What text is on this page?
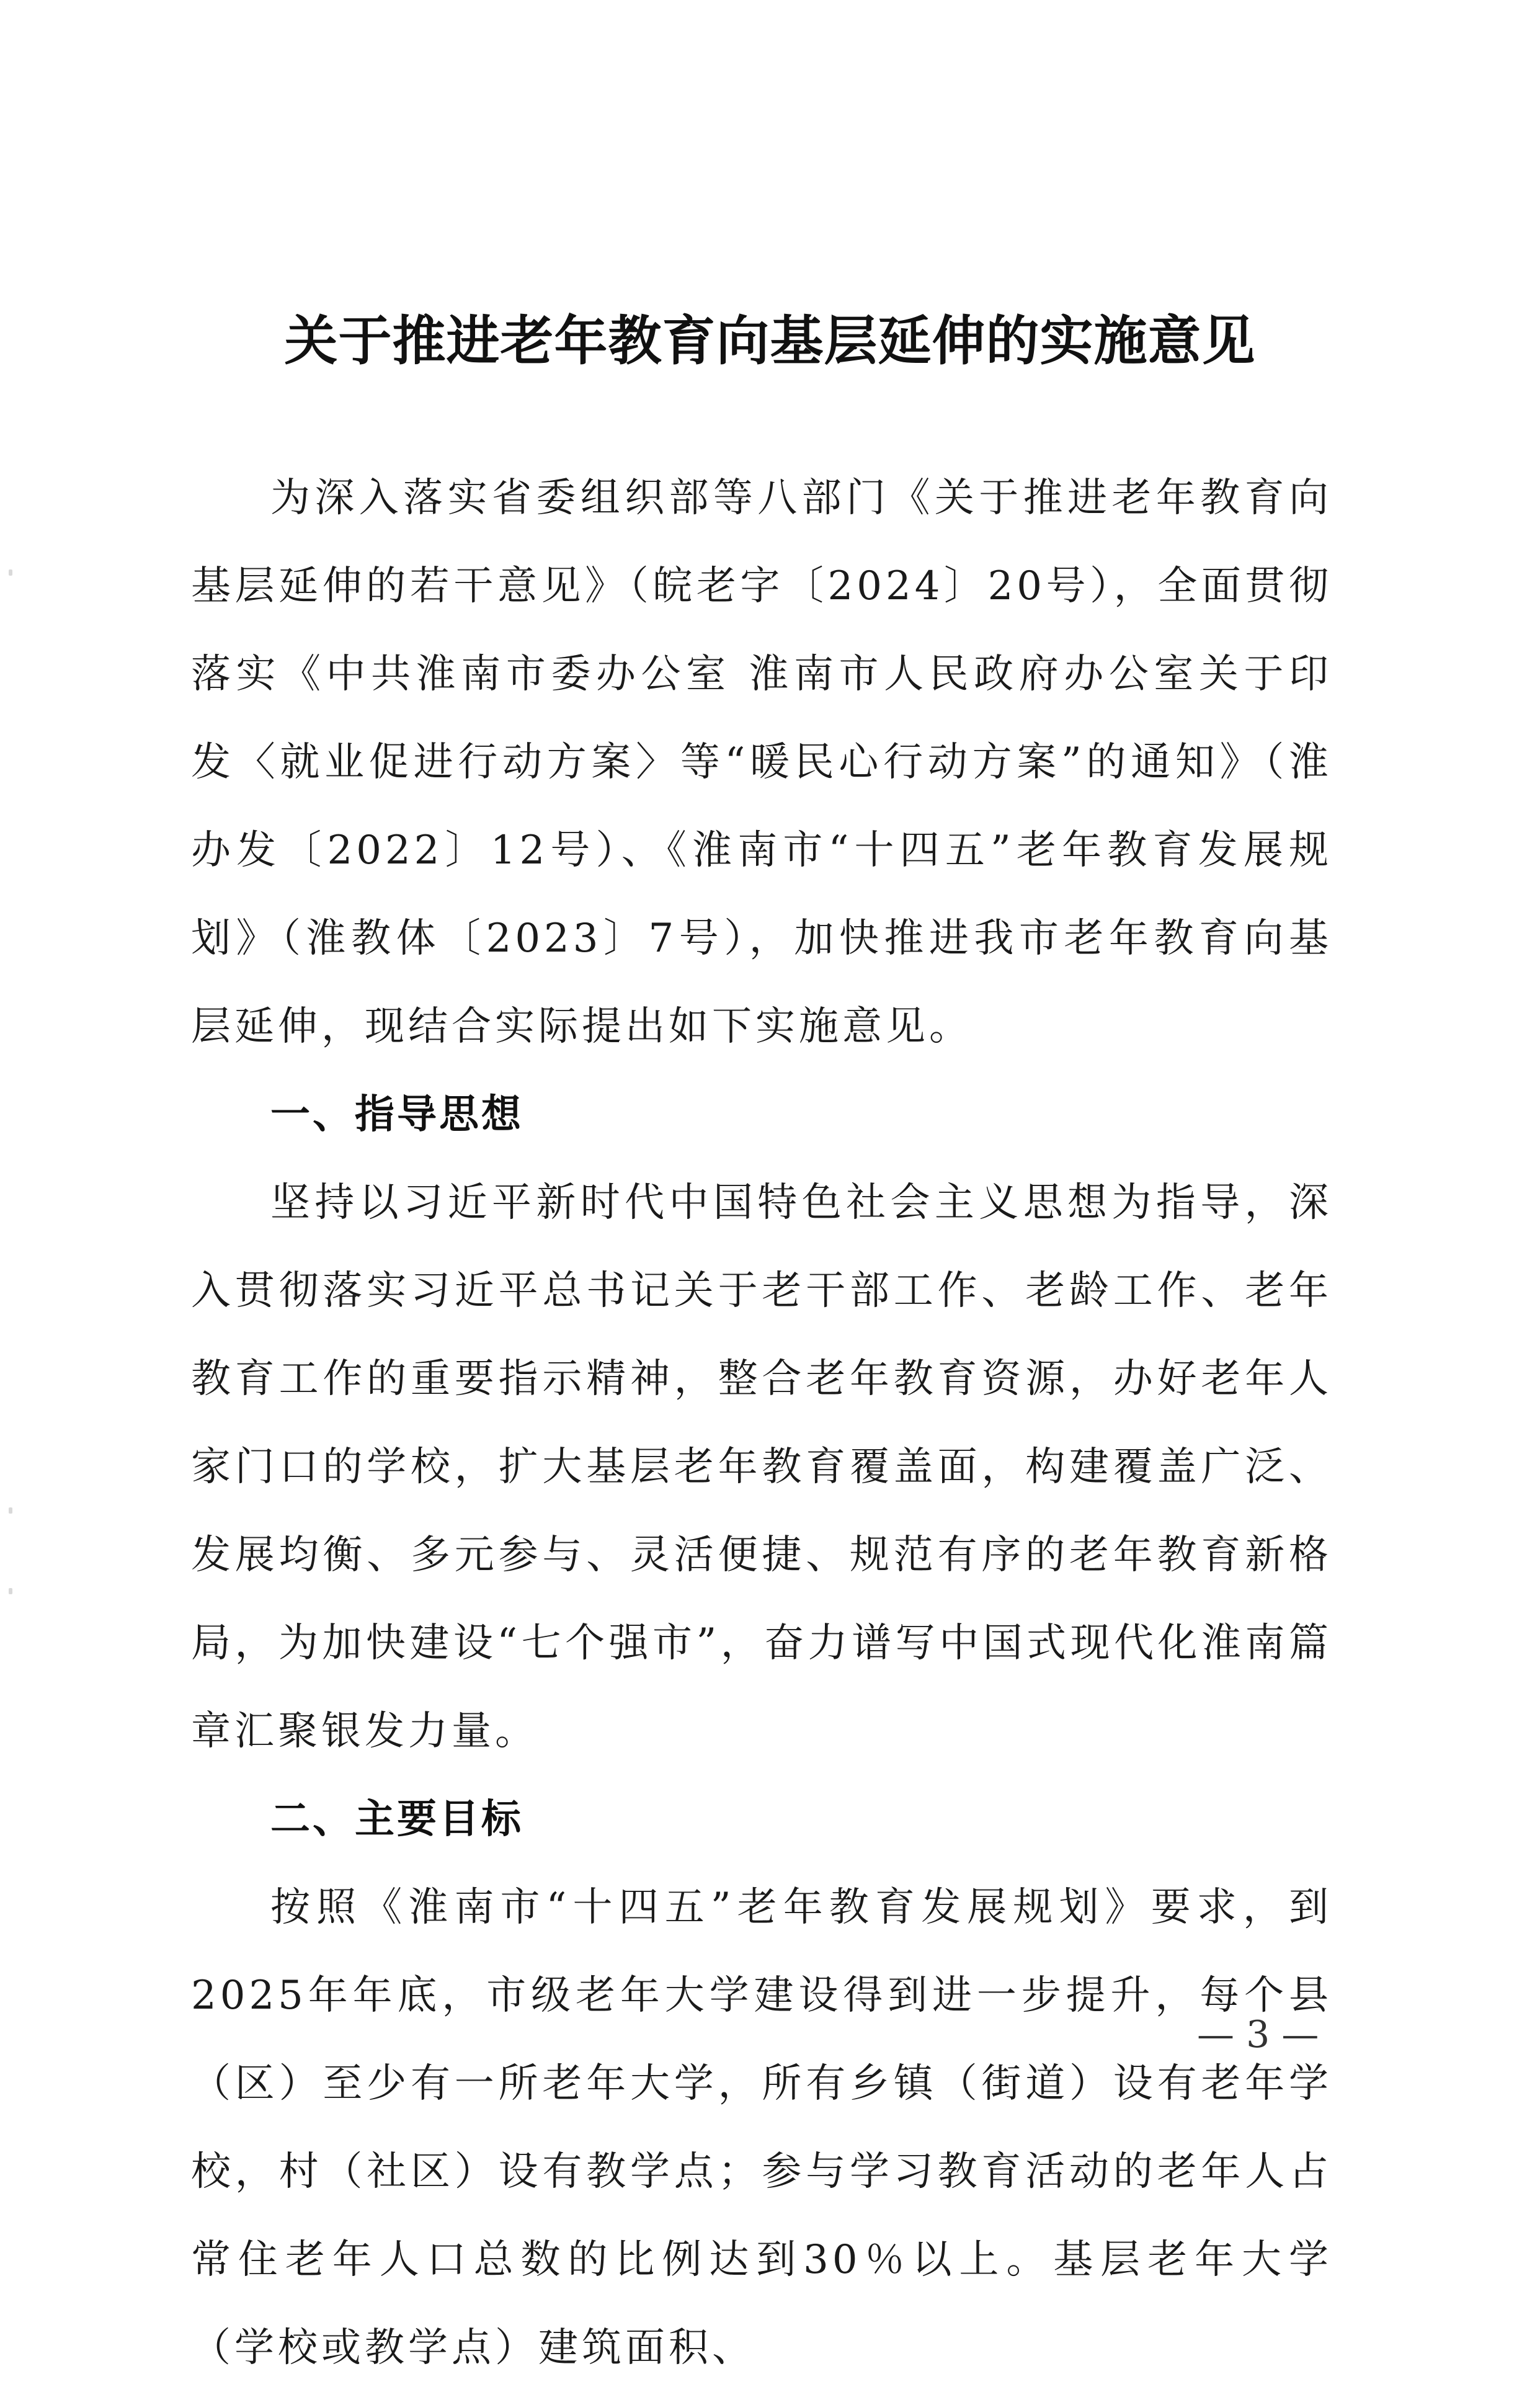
关于推进老年教育向基层延伸的实施意见

为深入落实省委组织部等八部门《关于推进老年教育向基层延伸的若干意见》（皖老字〔2024〕20号），全面贯彻落实《中共淮南市委办公室 淮南市人民政府办公室关于印发〈就业促进行动方案〉等“暖民心行动方案”的通知》（淮办发〔2022〕12号）、《淮南市“十四五”老年教育发展规划》（淮教体〔2023〕7号），加快推进我市老年教育向基层延伸，现结合实际提出如下实施意见。

一、指导思想

坚持以习近平新时代中国特色社会主义思想为指导，深入贯彻落实习近平总书记关于老干部工作、老龄工作、老年教育工作的重要指示精神，整合老年教育资源，办好老年人家门口的学校，扩大基层老年教育覆盖面，构建覆盖广泛、发展均衡、多元参与、灵活便捷、规范有序的老年教育新格局，为加快建设“七个强市”，奋力谱写中国式现代化淮南篇章汇聚银发力量。

二、主要目标

按照《淮南市“十四五”老年教育发展规划》要求，到2025年年底，市级老年大学建设得到进一步提升，每个县（区）至少有一所老年大学，所有乡镇（街道）设有老年学校，村（社区）设有教学点；参与学习教育活动的老年人占常住老年人口总数的比例达到30％以上。基层老年大学（学校或教学点）建筑面积、

— 3 —
